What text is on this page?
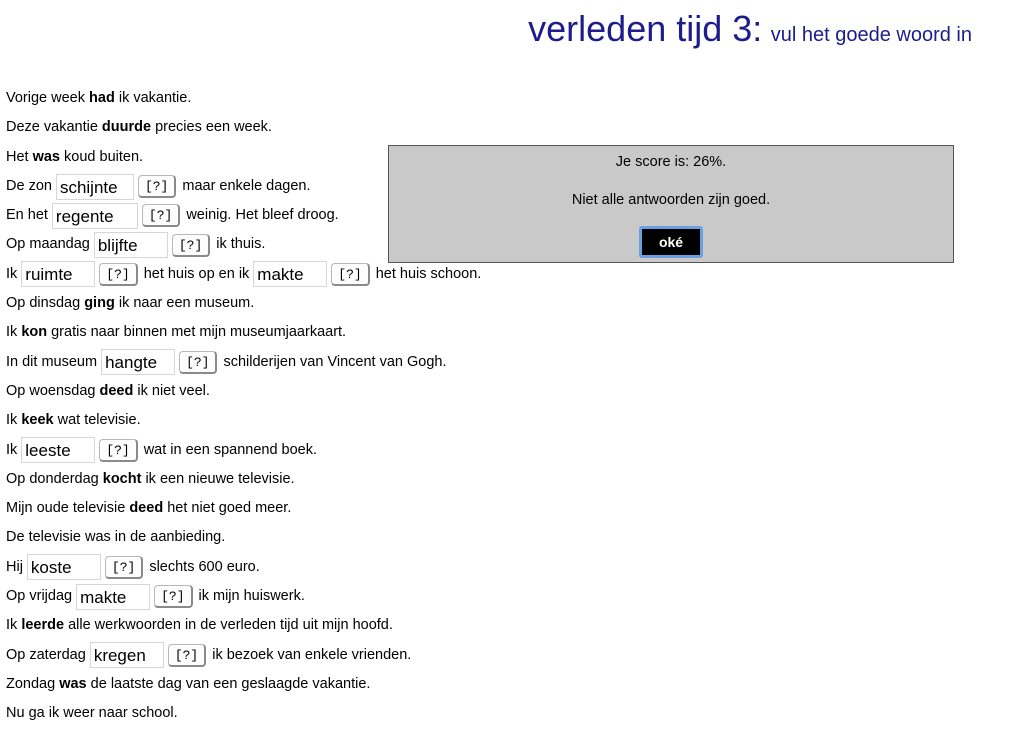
verleden tijd 3: vul het goede woord in
Vorige week had ik vakantie.
Deze vakantie duurde precies een week.
Het was koud buiten.
De zon schijnte	[?] maar enkele dagen.
En het regente	[?] weinig. Het bleef droog.
Op maandag blijfte	[?] ik thuis.
Ik ruimte	[?] het huis op en ik makte	[?] het huis schoon.
Op dinsdag ging ik naar een museum.
Ik kon gratis naar binnen met mijn museumjaarkaart.
In dit museum hangte	[?] schilderijen van Vincent van Gogh.
Op woensdag deed ik niet veel.
Ik keek wat televisie.
Ik leeste	[?] wat in een spannend boek.
Op donderdag kocht ik een nieuwe televisie.
Mijn oude televisie deed het niet goed meer.
De televisie was in de aanbieding.
Hij koste	[?] slechts 600 euro.
Op vrijdag makte	[?] ik mijn huiswerk.
Ik leerde alle werkwoorden in de verleden tijd uit mijn hoofd.
Op zaterdag kregen	[?] ik bezoek van enkele vrienden.
Zondag was de laatste dag van een geslaagde vakantie.
Nu ga ik weer naar school.
Je score is: 26%.
Niet alle antwoorden zijn goed.
oké
